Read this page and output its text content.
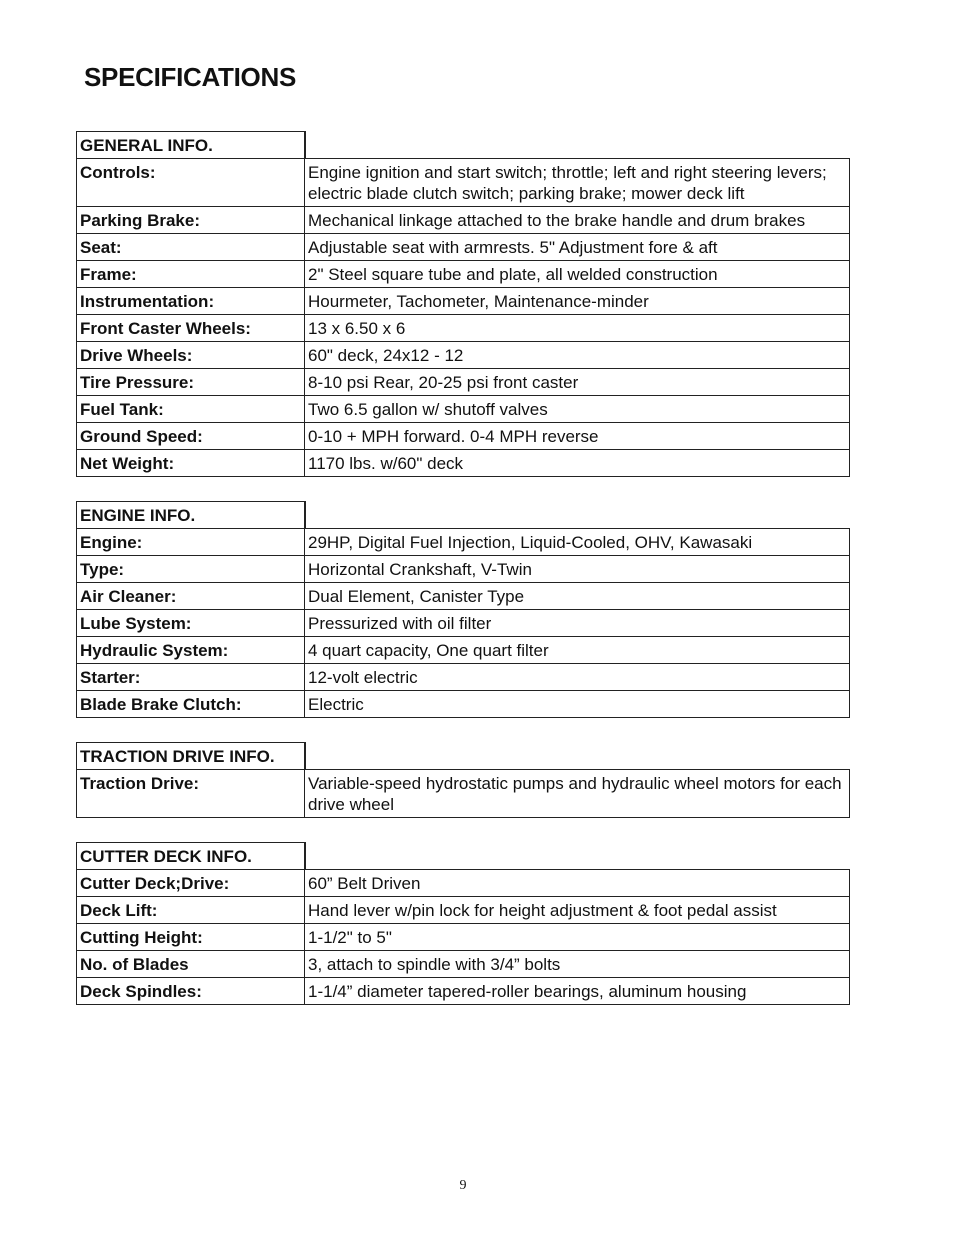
SPECIFICATIONS
GENERAL INFO.
Controls:	Engine ignition and start switch; throttle; left and right steering levers; electric blade clutch switch; parking brake; mower deck lift
Parking Brake:	Mechanical linkage attached to the brake handle and drum brakes
Seat:	Adjustable seat with armrests. 5" Adjustment fore & aft
Frame:	2" Steel square tube and plate, all welded construction
Instrumentation:	Hourmeter, Tachometer, Maintenance-minder
Front Caster Wheels:	13 x 6.50 x 6
Drive Wheels:	60" deck, 24x12 - 12
Tire Pressure:	8-10 psi Rear, 20-25 psi front caster
Fuel Tank:	Two 6.5 gallon w/ shutoff valves
Ground Speed:	0-10 + MPH forward. 0-4 MPH reverse
Net Weight:	1170 lbs. w/60" deck
ENGINE INFO.
Engine:	29HP, Digital Fuel Injection, Liquid-Cooled, OHV, Kawasaki
Type:	Horizontal Crankshaft, V-Twin
Air Cleaner:	Dual Element, Canister Type
Lube System:	Pressurized with oil filter
Hydraulic System:	4 quart capacity, One quart filter
Starter:	12-volt electric
Blade Brake Clutch:	Electric
TRACTION DRIVE INFO.
Traction Drive:	Variable-speed hydrostatic pumps and hydraulic wheel motors for each drive wheel
CUTTER DECK INFO.
Cutter Deck;Drive:	60” Belt Driven
Deck Lift:	Hand lever w/pin lock for height adjustment & foot pedal assist
Cutting Height:	1-1/2" to 5"
No. of Blades	3, attach to spindle with 3/4” bolts
Deck Spindles:	1-1/4” diameter tapered-roller bearings, aluminum housing
9
